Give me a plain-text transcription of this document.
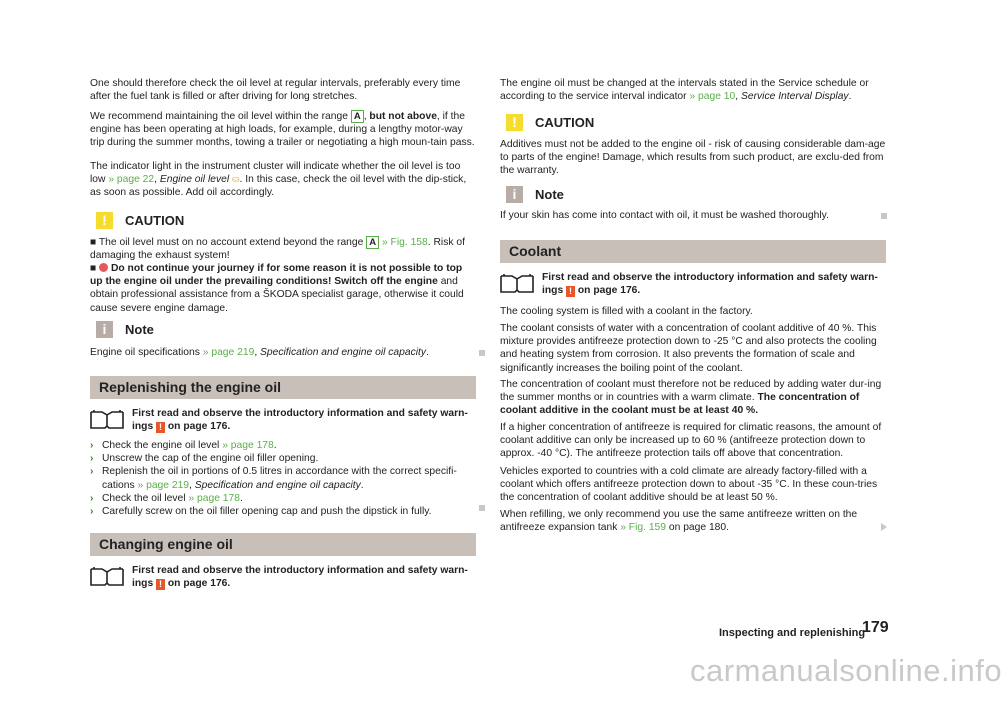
One should therefore check the oil level at regular intervals, preferably every time after the fuel tank is filled or after driving for long stretches.

We recommend maintaining the oil level within the range A , but not above, if the engine has been operating at high loads, for example, during a lengthy motor-way trip during the summer months, towing a trailer or negotiating a high moun-tain pass.

The indicator light in the instrument cluster will indicate whether the oil level is too low » page 22, Engine oil level ⛀. In this case, check the oil level with the dip-stick, as soon as possible. Add oil accordingly.

!	CAUTION

■ The oil level must on no account extend beyond the range A » Fig. 158. Risk of damaging the exhaust system!

■  Do not continue your journey if for some reason it is not possible to top up the engine oil under the prevailing conditions! Switch off the engine and obtain professional assistance from a ŠKODA specialist garage, otherwise it could cause severe engine damage.

i	Note

Engine oil specifications » page 219, Specification and engine oil capacity.

Replenishing the engine oil
First read and observe the introductory information and safety warn-ings ! on page 176.
› Check the engine oil level » page 178.
› Unscrew the cap of the engine oil filler opening.
› Replenish the oil in portions of 0.5 litres in accordance with the correct specifi-cations » page 219, Specification and engine oil capacity.
› Check the oil level » page 178.
› Carefully screw on the oil filler opening cap and push the dipstick in fully.
Changing engine oil
First read and observe the introductory information and safety warn-ings ! on page 176.

The engine oil must be changed at the intervals stated in the Service schedule or according to the service interval indicator » page 10, Service Interval Display.

!	CAUTION

Additives must not be added to the engine oil - risk of causing considerable dam-age to parts of the engine! Damage, which results from such product, are exclu-ded from the warranty.

i	Note

If your skin has come into contact with oil, it must be washed thoroughly.

Coolant
First read and observe the introductory information and safety warn-ings ! on page 176.

The cooling system is filled with a coolant in the factory.

The coolant consists of water with a concentration of coolant additive of 40 %. This mixture provides antifreeze protection down to -25 °C and also protects the cooling and heating system from corrosion. It also prevents the formation of scale and significantly increases the boiling point of the coolant.

The concentration of coolant must therefore not be reduced by adding water dur-ing the summer months or in countries with a warm climate. The concentration of coolant additive in the coolant must be at least 40 %.

If a higher concentration of antifreeze is required for climatic reasons, the amount of coolant additive can only be increased up to 60 % (antifreeze protection down to approx. -40 °C). The antifreeze protection tails off above that concentration.

Vehicles exported to countries with a cold climate are already factory-filled with a coolant which offers antifreeze protection down to about -35 °C. In these coun-tries the concentration of coolant additive should be at least 50 %.

When refilling, we only recommend you use the same antifreeze written on the antifreeze expansion tank » Fig. 159 on page 180.

Inspecting and replenishing
179
carmanualsonline.info
